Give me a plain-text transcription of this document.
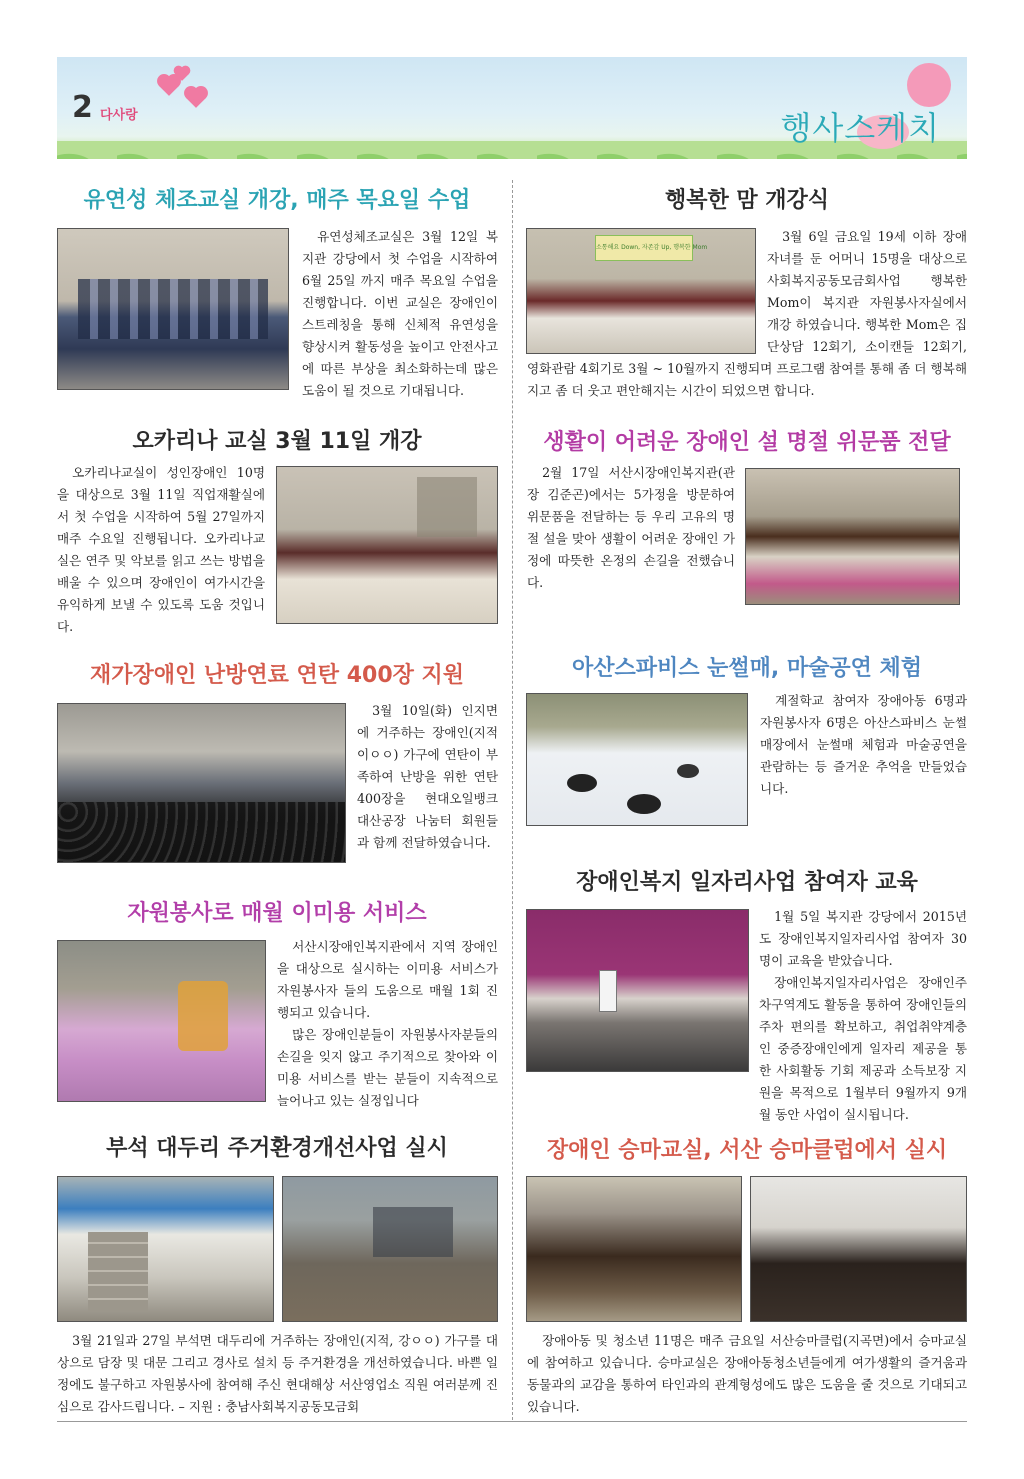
2 다사랑	행사스케치
유연성 체조교실 개강, 매주 목요일 수업

유연성체조교실은 3월 12일 복지관 강당에서 첫 수업을 시작하여 6월 25일 까지 매주 목요일 수업을 진행합니다. 이번 교실은 장애인이 스트레칭을 통해 신체적 유연성을 향상시켜 활동성을 높이고 안전사고에 따른 부상을 최소화하는데 많은 도움이 될 것으로 기대됩니다.

오카리나 교실 3월 11일 개강

오카리나교실이 성인장애인 10명을 대상으로 3월 11일 직업재활실에서 첫 수업을 시작하여 5월 27일까지 매주 수요일 진행됩니다. 오카리나교실은 연주 및 악보를 읽고 쓰는 방법을 배울 수 있으며 장애인이 여가시간을 유익하게 보낼 수 있도록 도움 것입니다.

재가장애인 난방연료 연탄 400장 지원

3월 10일(화) 인지면에 거주하는 장애인(지적 이ㅇㅇ) 가구에 연탄이 부족하여 난방을 위한 연탄 400장을 현대오일뱅크 대산공장 나눔터 회원들과 함께 전달하였습니다.

자원봉사로 매월 이미용 서비스

서산시장애인복지관에서 지역 장애인을 대상으로 실시하는 이미용 서비스가 자원봉사자 들의 도움으로 매월 1회 진행되고 있습니다.

많은 장애인분들이 자원봉사자분들의 손길을 잊지 않고 주기적으로 찾아와 이미용 서비스를 받는 분들이 지속적으로 늘어나고 있는 실정입니다

부석 대두리 주거환경개선사업 실시

3월 21일과 27일 부석면 대두리에 거주하는 장애인(지적, 강ㅇㅇ) 가구를 대상으로 담장 및 대문 그리고 경사로 설치 등 주거환경을 개선하였습니다. 바쁜 일정에도 불구하고 자원봉사에 참여해 주신 현대해상 서산영업소 직원 여러분께 진심으로 감사드립니다. – 지원 : 충남사회복지공동모금회

행복한 맘 개강식
소통해요 Down, 자존감 Up, 행복한 Mom

3월 6일 금요일 19세 이하 장애자녀를 둔 어머니 15명을 대상으로 사회복지공동모금회사업 행복한 Mom이 복지관 자원봉사자실에서 개강 하였습니다. 행복한 Mom은 집단상담 12회기, 소이캔들 12회기, 영화관람 4회기로 3월 ~ 10월까지 진행되며 프로그램 참여를 통해 좀 더 행복해지고 좀 더 웃고 편안해지는 시간이 되었으면 합니다.

생활이 어려운 장애인 설 명절 위문품 전달

2월 17일 서산시장애인복지관(관장 김준곤)에서는 5가정을 방문하여 위문품을 전달하는 등 우리 고유의 명절 설을 맞아 생활이 어려운 장애인 가정에 따뜻한 온정의 손길을 전했습니다.

아산스파비스 눈썰매, 마술공연 체험

계절학교 참여자 장애아동 6명과 자원봉사자 6명은 아산스파비스 눈썰매장에서 눈썰매 체험과 마술공연을 관람하는 등 즐거운 추억을 만들었습니다.

장애인복지 일자리사업 참여자 교육

1월 5일 복지관 강당에서 2015년도 장애인복지일자리사업 참여자 30명이 교육을 받았습니다.

장애인복지일자리사업은 장애인주차구역계도 활동을 통하여 장애인들의 주차 편의를 확보하고, 취업취약계층인 중증장애인에게 일자리 제공을 통한 사회활동 기회 제공과 소득보장 지원을 목적으로 1월부터 9월까지 9개월 동안 사업이 실시됩니다.

장애인 승마교실, 서산 승마클럽에서 실시

장애아동 및 청소년 11명은 매주 금요일 서산승마클럽(지곡면)에서 승마교실에 참여하고 있습니다. 승마교실은 장애아동청소년들에게 여가생활의 즐거움과 동물과의 교감을 통하여 타인과의 관계형성에도 많은 도움을 줄 것으로 기대되고 있습니다.
